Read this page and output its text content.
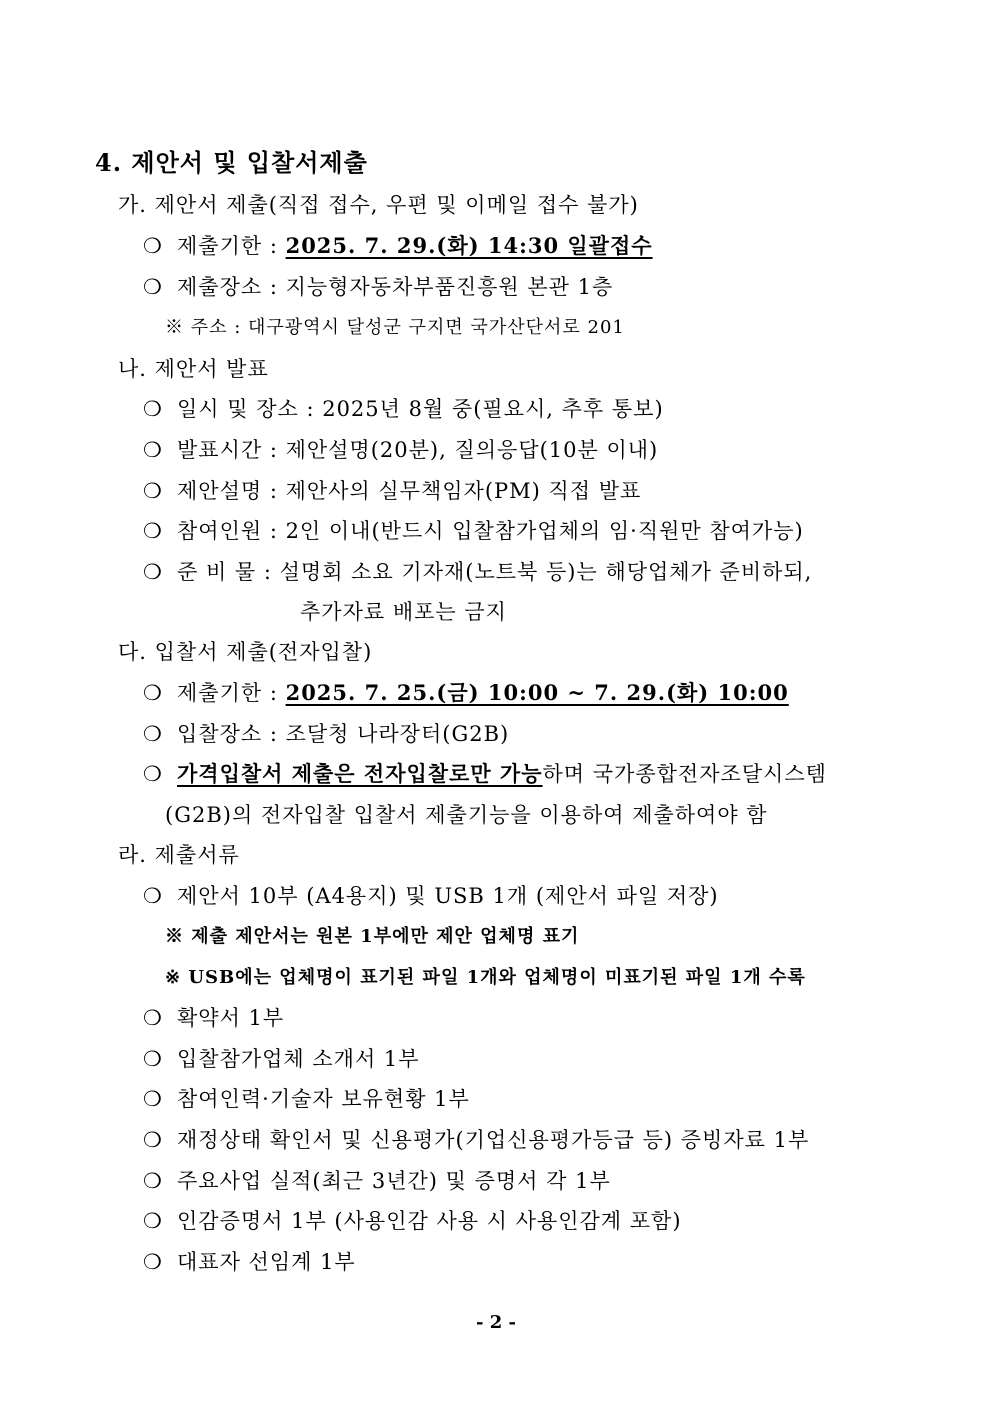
4. 제안서 및 입찰서제출
가. 제안서 제출(직접 접수, 우편 및 이메일 접수 불가)
❍ 제출기한 : 2025. 7. 29.(화) 14:30 일괄접수
❍ 제출장소 : 지능형자동차부품진흥원 본관 1층
※ 주소 : 대구광역시 달성군 구지면 국가산단서로 201
나. 제안서 발표
❍ 일시 및 장소 : 2025년 8월 중(필요시, 추후 통보)
❍ 발표시간 : 제안설명(20분), 질의응답(10분 이내)
❍ 제안설명 : 제안사의 실무책임자(PM) 직접 발표
❍ 참여인원 : 2인 이내(반드시 입찰참가업체의 임·직원만 참여가능)
❍ 준 비 물 : 설명회 소요 기자재(노트북 등)는 해당업체가 준비하되,
추가자료 배포는 금지
다. 입찰서 제출(전자입찰)
❍ 제출기한 : 2025. 7. 25.(금) 10:00 ~ 7. 29.(화) 10:00
❍ 입찰장소 : 조달청 나라장터(G2B)
❍ 가격입찰서 제출은 전자입찰로만 가능하며 국가종합전자조달시스템
(G2B)의 전자입찰 입찰서 제출기능을 이용하여 제출하여야 함
라. 제출서류
❍ 제안서 10부 (A4용지) 및 USB 1개 (제안서 파일 저장)
※ 제출 제안서는 원본 1부에만 제안 업체명 표기
※ USB에는 업체명이 표기된 파일 1개와 업체명이 미표기된 파일 1개 수록
❍ 확약서 1부
❍ 입찰참가업체 소개서 1부
❍ 참여인력·기술자 보유현황 1부
❍ 재정상태 확인서 및 신용평가(기업신용평가등급 등) 증빙자료 1부
❍ 주요사업 실적(최근 3년간) 및 증명서 각 1부
❍ 인감증명서 1부 (사용인감 사용 시 사용인감계 포함)
❍ 대표자 선임계 1부
- 2 -
